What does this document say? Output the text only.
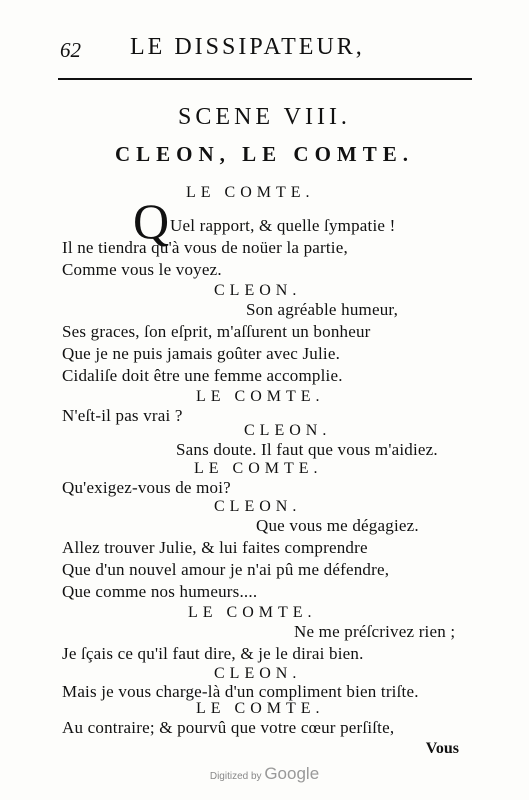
62 LE DISSIPATEUR,
SCENE VIII.
CLEON, LE COMTE.
LE COMTE.
Q Uel rapport, & quelle ſympatie !
Il ne tiendra qu'à vous de noüer la partie,
Comme vous le voyez.
CLEON.
Son agréable humeur,
Ses graces, ſon eſprit, m'aſſurent un bonheur
Que je ne puis jamais goûter avec Julie.
Cidaliſe doit être une femme accomplie.
LE COMTE.
N'eſt-il pas vrai ?
CLEON.
Sans doute. Il faut que vous m'aidiez.
LE COMTE.
Qu'exigez-vous de moi?
CLEON.
Que vous me dégagiez.
Allez trouver Julie, & lui faites comprendre
Que d'un nouvel amour je n'ai pû me défendre,
Que comme nos humeurs....
LE COMTE.
Ne me préſcrivez rien ;
Je ſçais ce qu'il faut dire, & je le dirai bien.
CLEON.
Mais je vous charge-là d'un compliment bien triſte.
LE COMTE.
Au contraire; & pourvû que votre cœur perſiſte,
Vous
Digitized by Google
